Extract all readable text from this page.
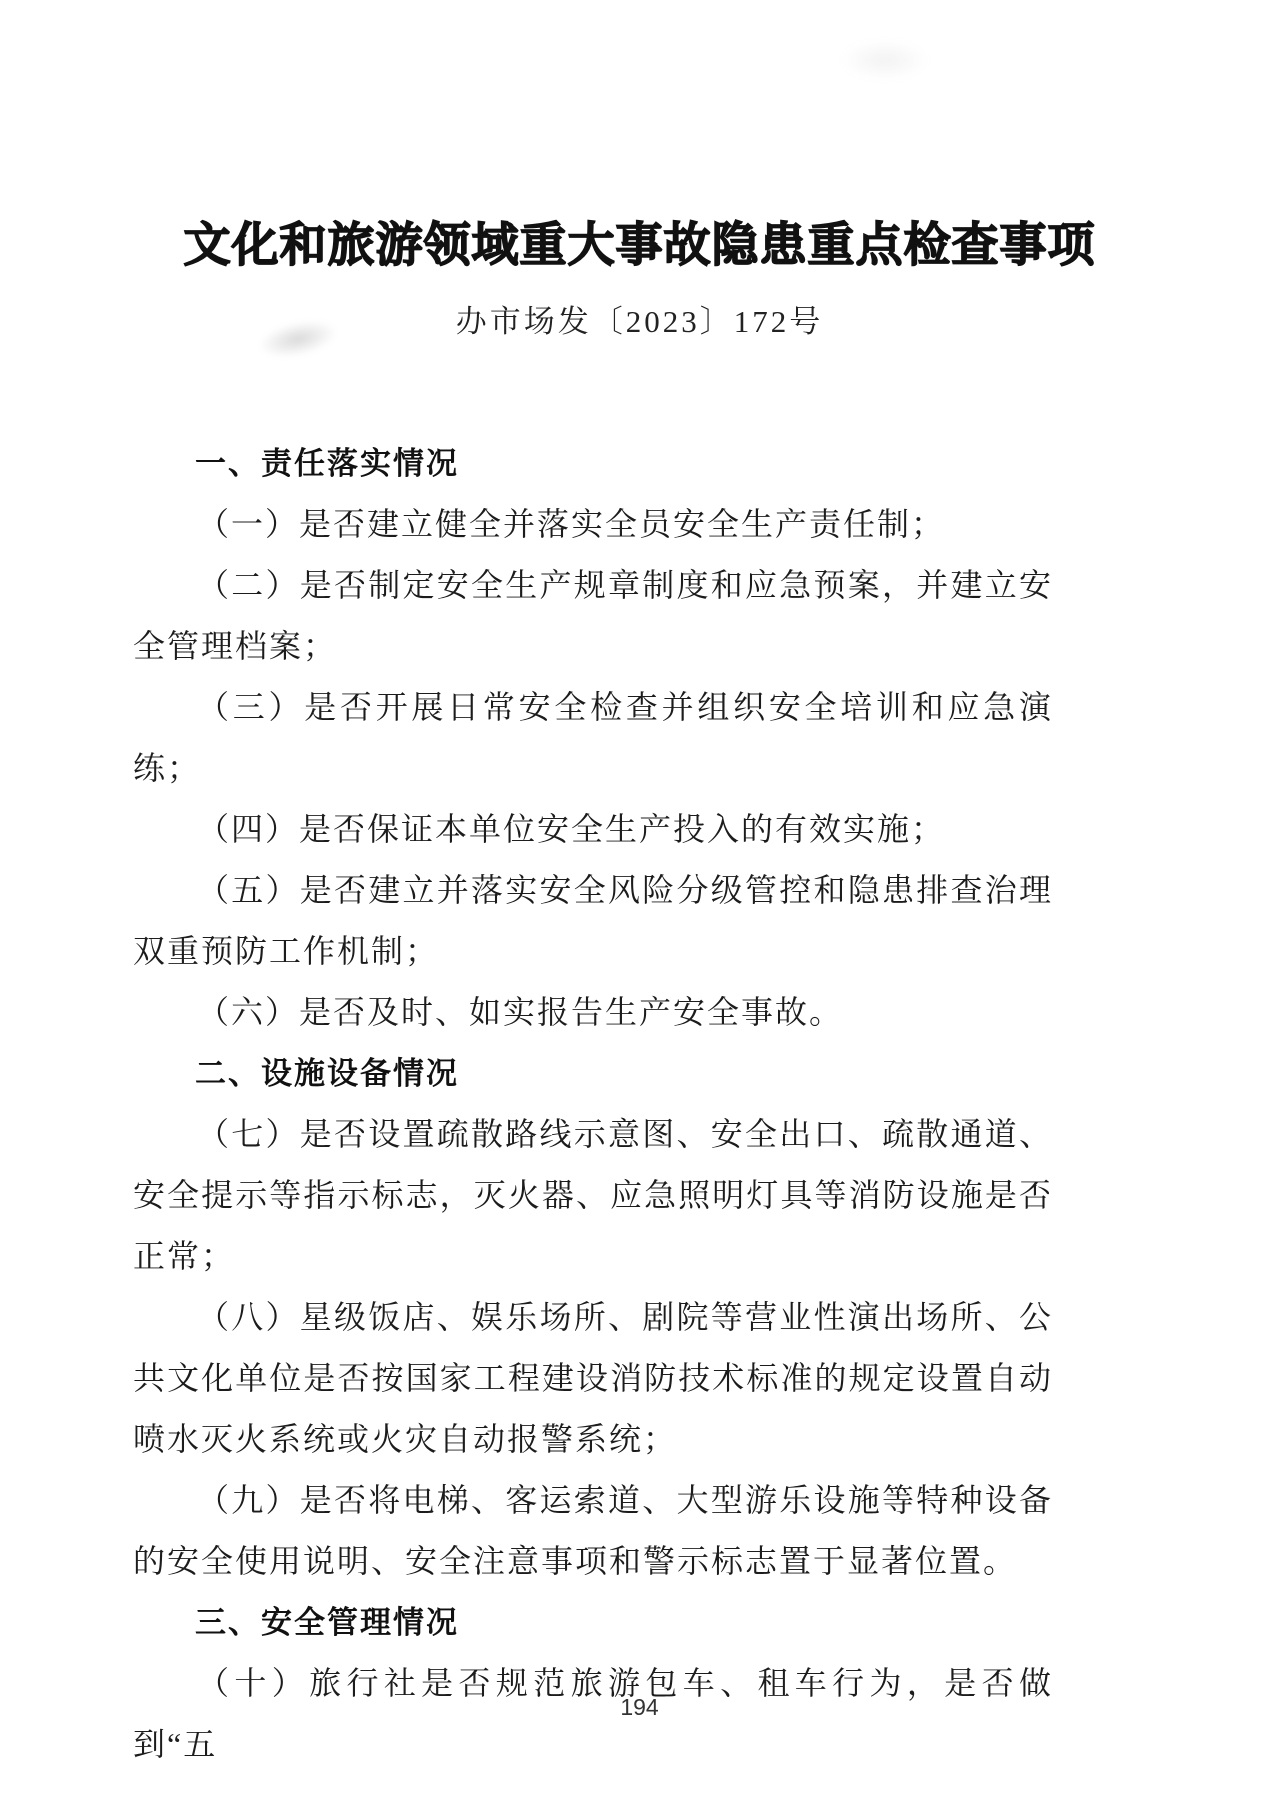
文化和旅游领域重大事故隐患重点检查事项
办市场发〔2023〕172号

一、责任落实情况

（一）是否建立健全并落实全员安全生产责任制；

（二）是否制定安全生产规章制度和应急预案，并建立安全管理档案；

（三）是否开展日常安全检查并组织安全培训和应急演练；

（四）是否保证本单位安全生产投入的有效实施；

（五）是否建立并落实安全风险分级管控和隐患排查治理双重预防工作机制；

（六）是否及时、如实报告生产安全事故。

二、设施设备情况

（七）是否设置疏散路线示意图、安全出口、疏散通道、安全提示等指示标志，灭火器、应急照明灯具等消防设施是否正常；

（八）星级饭店、娱乐场所、剧院等营业性演出场所、公共文化单位是否按国家工程建设消防技术标准的规定设置自动喷水灭火系统或火灾自动报警系统；

（九）是否将电梯、客运索道、大型游乐设施等特种设备的安全使用说明、安全注意事项和警示标志置于显著位置。

三、安全管理情况

（十）旅行社是否规范旅游包车、租车行为，是否做到“五

194
